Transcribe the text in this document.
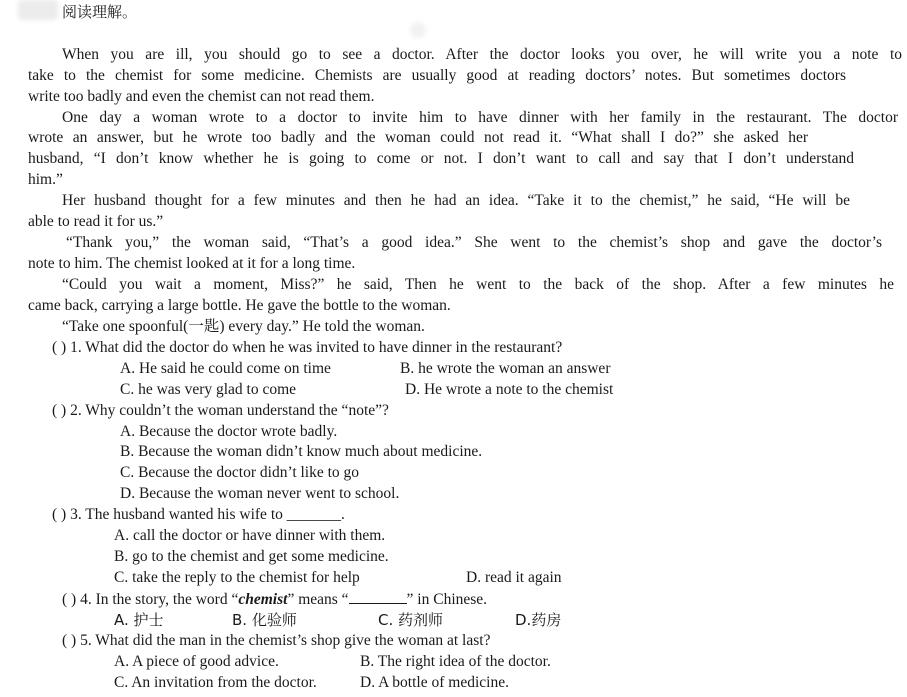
阅读理解。
When you are ill, you should go to see a doctor. After the doctor looks you over, he will write you a note to
take to the chemist for some medicine. Chemists are usually good at reading doctors’ notes. But sometimes doctors
write too badly and even the chemist can not read them.
One day a woman wrote to a doctor to invite him to have dinner with her family in the restaurant. The doctor
wrote an answer, but he wrote too badly and the woman could not read it. “What shall I do?” she asked her
husband, “I don’t know whether he is going to come or not. I don’t want to call and say that I don’t understand
him.”
Her husband thought for a few minutes and then he had an idea. “Take it to the chemist,” he said, “He will be
able to read it for us.”
“Thank you,” the woman said, “That’s a good idea.” She went to the chemist’s shop and gave the doctor’s
note to him. The chemist looked at it for a long time.
“Could you wait a moment, Miss?” he said, Then he went to the back of the shop. After a few minutes he
came back, carrying a large bottle. He gave the bottle to the woman.
“Take one spoonful(一匙) every day.” He told the woman.
( ) 1. What did the doctor do when he was invited to have dinner in the restaurant?
A. He said he could come on time	B. he wrote the woman an answer
C. he was very glad to come	D. He wrote a note to the chemist
( ) 2. Why couldn’t the woman understand the “note”?
A. Because the doctor wrote badly.
B. Because the woman didn’t know much about medicine.
C. Because the doctor didn’t like to go
D. Because the woman never went to school.
( ) 3. The husband wanted his wife to _______.
A. call the doctor or have dinner with them.
B. go to the chemist and get some medicine.
C. take the reply to the chemist for help	D. read it again
( ) 4. In the story, the word “chemist” means “	” in Chinese.
A. 护士	B. 化验师	C. 药剂师	D.药房
( ) 5. What did the man in the chemist’s shop give the woman at last?
A. A piece of good advice.	B. The right idea of the doctor.
C. An invitation from the doctor.	D. A bottle of medicine.
